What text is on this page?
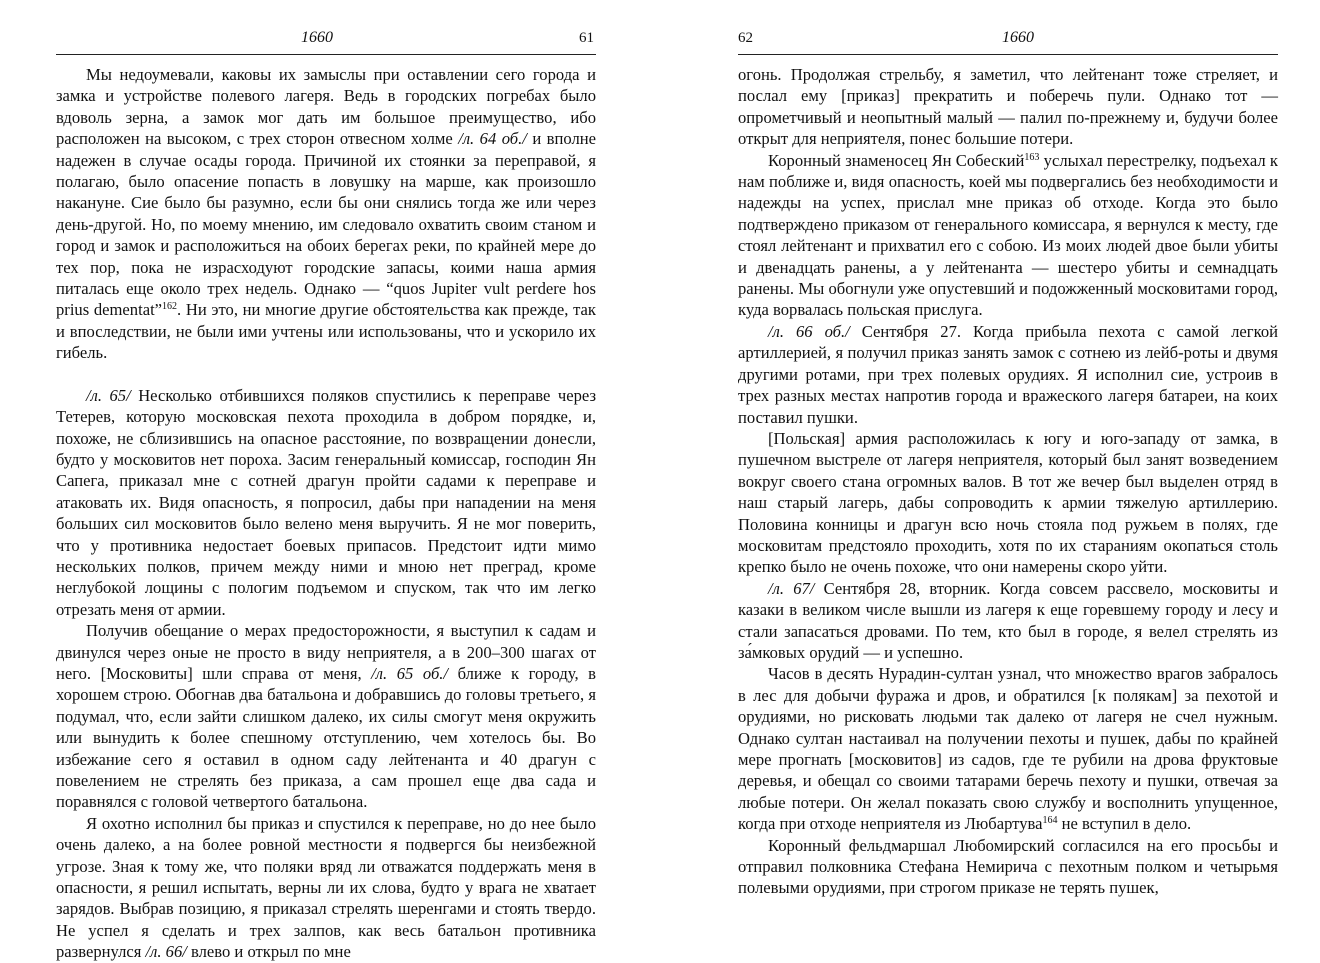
1660	61

Мы недоумевали, каковы их замыслы при оставлении сего города и замка и устройстве полевого лагеря. Ведь в городских погребах было вдоволь зерна, а замок мог дать им большое преимущество, ибо расположен на высоком, с трех сторон отвесном холме /л. 64 об./ и вполне надежен в случае осады города. Причиной их стоянки за переправой, я полагаю, было опасение попасть в ловушку на марше, как произошло накануне. Сие было бы разумно, если бы они снялись тогда же или через день-другой. Но, по моему мнению, им следовало охватить своим станом и город и замок и расположиться на обоих берегах реки, по крайней мере до тех пор, пока не израсходуют городские запасы, коими наша армия питалась еще около трех недель. Однако — “quos Jupiter vult perdere hos prius dementat”$^{162}$. Ни это, ни многие другие обстоятельства как прежде, так и впоследствии, не были ими учтены или использованы, что и ускорило их гибель.

/л. 65/ Несколько отбившихся поляков спустились к переправе через Тетерев, которую московская пехота проходила в добром порядке, и, похоже, не сблизившись на опасное расстояние, по возвращении донесли, будто у московитов нет пороха. Засим генеральный комиссар, господин Ян Сапега, приказал мне с сотней драгун пройти садами к переправе и атаковать их. Видя опасность, я попросил, дабы при нападении на меня больших сил московитов было велено меня выручить. Я не мог поверить, что у противника недостает боевых припасов. Предстоит идти мимо нескольких полков, причем между ними и мною нет преград, кроме неглубокой лощины с пологим подъемом и спуском, так что им легко отрезать меня от армии.

Получив обещание о мерах предосторожности, я выступил к садам и двинулся через оные не просто в виду неприятеля, а в 200–300 шагах от него. [Московиты] шли справа от меня, /л. 65 об./ ближе к городу, в хорошем строю. Обогнав два батальона и добравшись до головы третьего, я подумал, что, если зайти слишком далеко, их силы смогут меня окружить или вынудить к более спешному отступлению, чем хотелось бы. Во избежание сего я оставил в одном саду лейтенанта и 40 драгун с повелением не стрелять без приказа, а сам прошел еще два сада и поравнялся с головой четвертого батальона.

Я охотно исполнил бы приказ и спустился к переправе, но до нее было очень далеко, а на более ровной местности я подвергся бы неизбежной угрозе. Зная к тому же, что поляки вряд ли отважатся поддержать меня в опасности, я решил испытать, верны ли их слова, будто у врага не хватает зарядов. Выбрав позицию, я приказал стрелять шеренгами и стоять твердо. Не успел я сделать и трех залпов, как весь батальон противника развернулся /л. 66/ влево и открыл по мне

62	1660

огонь. Продолжая стрельбу, я заметил, что лейтенант тоже стреляет, и послал ему [приказ] прекратить и поберечь пули. Однако тот — опрометчивый и неопытный малый — палил по-прежнему и, будучи более открыт для неприятеля, понес большие потери.

Коронный знаменосец Ян Собеский$^{163}$ услыхал перестрелку, подъехал к нам поближе и, видя опасность, коей мы подвергались без необходимости и надежды на успех, прислал мне приказ об отходе. Когда это было подтверждено приказом от генерального комиссара, я вернулся к месту, где стоял лейтенант и прихватил его с собою. Из моих людей двое были убиты и двенадцать ранены, а у лейтенанта — шестеро убиты и семнадцать ранены. Мы обогнули уже опустевший и подожженный московитами город, куда ворвалась польская прислуга.

/л. 66 об./ Сентября 27. Когда прибыла пехота с самой легкой артиллерией, я получил приказ занять замок с сотнею из лейб-роты и двумя другими ротами, при трех полевых орудиях. Я исполнил сие, устроив в трех разных местах напротив города и вражеского лагеря батареи, на коих поставил пушки.

[Польская] армия расположилась к югу и юго-западу от замка, в пушечном выстреле от лагеря неприятеля, который был занят возведением вокруг своего стана огромных валов. В тот же вечер был выделен отряд в наш старый лагерь, дабы сопроводить к армии тяжелую артиллерию. Половина конницы и драгун всю ночь стояла под ружьем в полях, где московитам предстояло проходить, хотя по их стараниям окопаться столь крепко было не очень похоже, что они намерены скоро уйти.

/л. 67/ Сентября 28, вторник. Когда совсем рассвело, московиты и казаки в великом числе вышли из лагеря к еще горевшему городу и лесу и стали запасаться дровами. По тем, кто был в городе, я велел стрелять из за́мковых орудий — и успешно.

Часов в десять Нурадин-султан узнал, что множество врагов забралось в лес для добычи фуража и дров, и обратился [к полякам] за пехотой и орудиями, но рисковать людьми так далеко от лагеря не счел нужным. Однако султан настаивал на получении пехоты и пушек, дабы по крайней мере прогнать [московитов] из садов, где те рубили на дрова фруктовые деревья, и обещал со своими татарами беречь пехоту и пушки, отвечая за любые потери. Он желал показать свою службу и восполнить упущенное, когда при отходе неприятеля из Любартува$^{164}$ не вступил в дело.

Коронный фельдмаршал Любомирский согласился на его просьбы и отправил полковника Стефана Немирича с пехотным полком и четырьмя полевыми орудиями, при строгом приказе не терять пушек,
